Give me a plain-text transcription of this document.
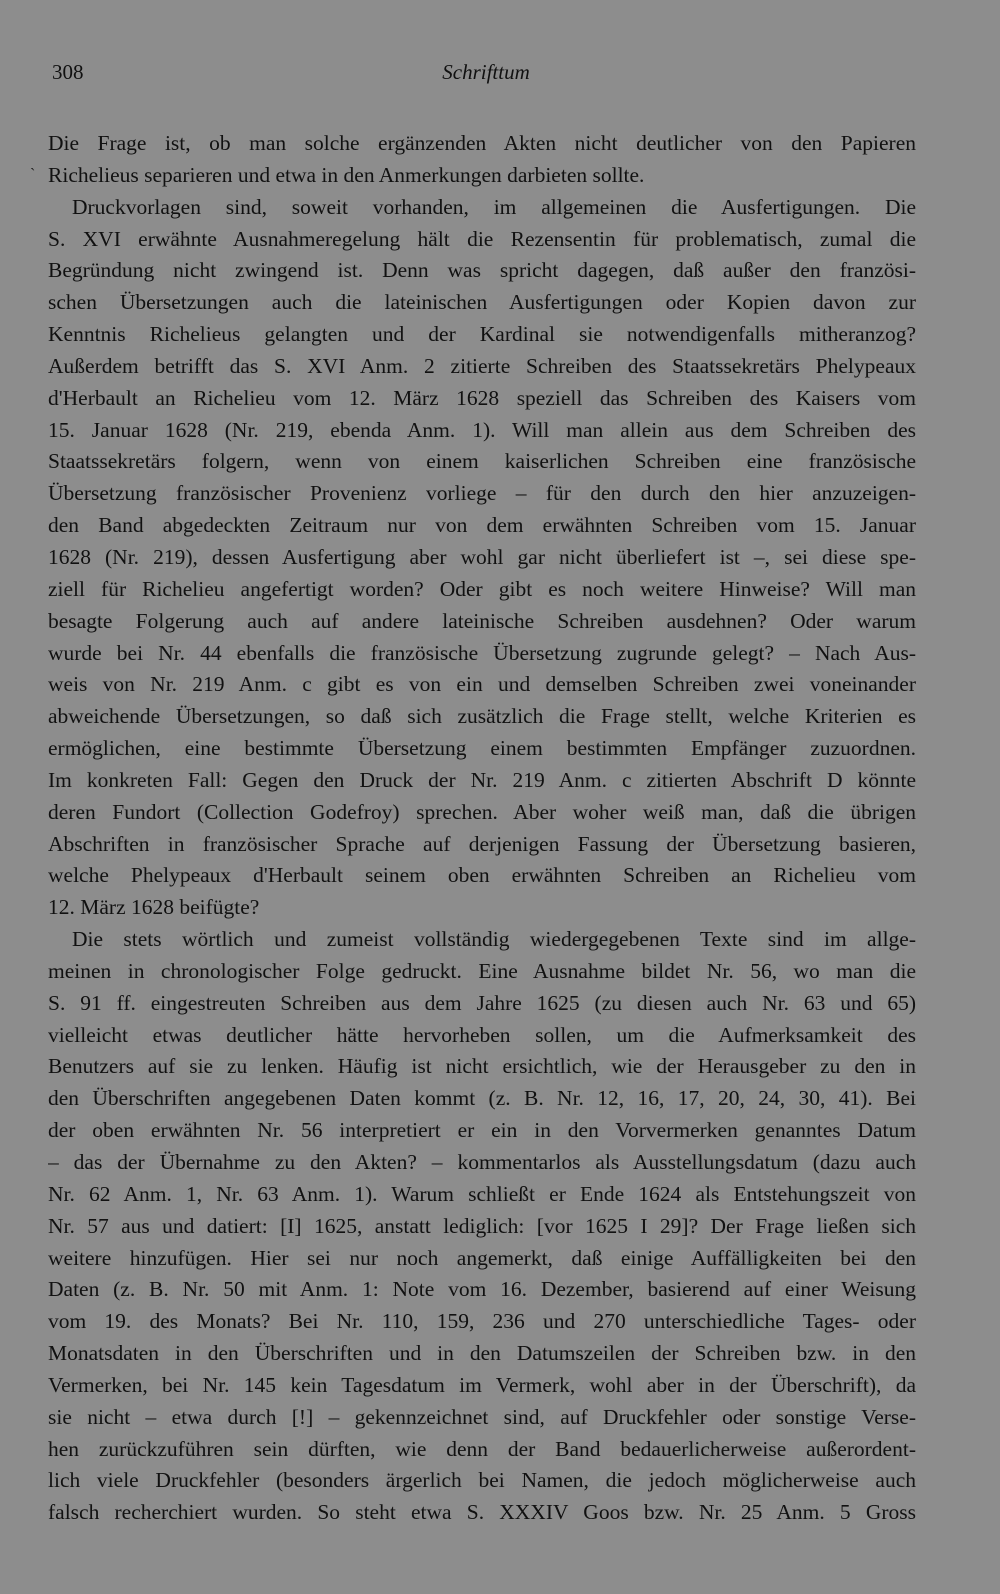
308	Schrifttum
`
Die Frage ist, ob man solche ergänzenden Akten nicht deutlicher von den Papieren
Richelieus separieren und etwa in den Anmerkungen darbieten sollte.
Druckvorlagen sind, soweit vorhanden, im allgemeinen die Ausfertigungen. Die
S. XVI erwähnte Ausnahmeregelung hält die Rezensentin für problematisch, zumal die
Begründung nicht zwingend ist. Denn was spricht dagegen, daß außer den französi-
schen Übersetzungen auch die lateinischen Ausfertigungen oder Kopien davon zur
Kenntnis Richelieus gelangten und der Kardinal sie notwendigenfalls mitheranzog?
Außerdem betrifft das S. XVI Anm. 2 zitierte Schreiben des Staatssekretärs Phelypeaux
d'Herbault an Richelieu vom 12. März 1628 speziell das Schreiben des Kaisers vom
15. Januar 1628 (Nr. 219, ebenda Anm. 1). Will man allein aus dem Schreiben des
Staatssekretärs folgern, wenn von einem kaiserlichen Schreiben eine französische
Übersetzung französischer Provenienz vorliege – für den durch den hier anzuzeigen-
den Band abgedeckten Zeitraum nur von dem erwähnten Schreiben vom 15. Januar
1628 (Nr. 219), dessen Ausfertigung aber wohl gar nicht überliefert ist –, sei diese spe-
ziell für Richelieu angefertigt worden? Oder gibt es noch weitere Hinweise? Will man
besagte Folgerung auch auf andere lateinische Schreiben ausdehnen? Oder warum
wurde bei Nr. 44 ebenfalls die französische Übersetzung zugrunde gelegt? – Nach Aus-
weis von Nr. 219 Anm. c gibt es von ein und demselben Schreiben zwei voneinander
abweichende Übersetzungen, so daß sich zusätzlich die Frage stellt, welche Kriterien es
ermöglichen, eine bestimmte Übersetzung einem bestimmten Empfänger zuzuordnen.
Im konkreten Fall: Gegen den Druck der Nr. 219 Anm. c zitierten Abschrift D könnte
deren Fundort (Collection Godefroy) sprechen. Aber woher weiß man, daß die übrigen
Abschriften in französischer Sprache auf derjenigen Fassung der Übersetzung basieren,
welche Phelypeaux d'Herbault seinem oben erwähnten Schreiben an Richelieu vom
12. März 1628 beifügte?
Die stets wörtlich und zumeist vollständig wiedergegebenen Texte sind im allge-
meinen in chronologischer Folge gedruckt. Eine Ausnahme bildet Nr. 56, wo man die
S. 91 ff. eingestreuten Schreiben aus dem Jahre 1625 (zu diesen auch Nr. 63 und 65)
vielleicht etwas deutlicher hätte hervorheben sollen, um die Aufmerksamkeit des
Benutzers auf sie zu lenken. Häufig ist nicht ersichtlich, wie der Herausgeber zu den in
den Überschriften angegebenen Daten kommt (z. B. Nr. 12, 16, 17, 20, 24, 30, 41). Bei
der oben erwähnten Nr. 56 interpretiert er ein in den Vorvermerken genanntes Datum
– das der Übernahme zu den Akten? – kommentarlos als Ausstellungsdatum (dazu auch
Nr. 62 Anm. 1, Nr. 63 Anm. 1). Warum schließt er Ende 1624 als Entstehungszeit von
Nr. 57 aus und datiert: [I] 1625, anstatt lediglich: [vor 1625 I 29]? Der Frage ließen sich
weitere hinzufügen. Hier sei nur noch angemerkt, daß einige Auffälligkeiten bei den
Daten (z. B. Nr. 50 mit Anm. 1: Note vom 16. Dezember, basierend auf einer Weisung
vom 19. des Monats? Bei Nr. 110, 159, 236 und 270 unterschiedliche Tages- oder
Monatsdaten in den Überschriften und in den Datumszeilen der Schreiben bzw. in den
Vermerken, bei Nr. 145 kein Tagesdatum im Vermerk, wohl aber in der Überschrift), da
sie nicht – etwa durch [!] – gekennzeichnet sind, auf Druckfehler oder sonstige Verse-
hen zurückzuführen sein dürften, wie denn der Band bedauerlicherweise außerordent-
lich viele Druckfehler (besonders ärgerlich bei Namen, die jedoch möglicherweise auch
falsch recherchiert wurden. So steht etwa S. XXXIV Goos bzw. Nr. 25 Anm. 5 Gross
